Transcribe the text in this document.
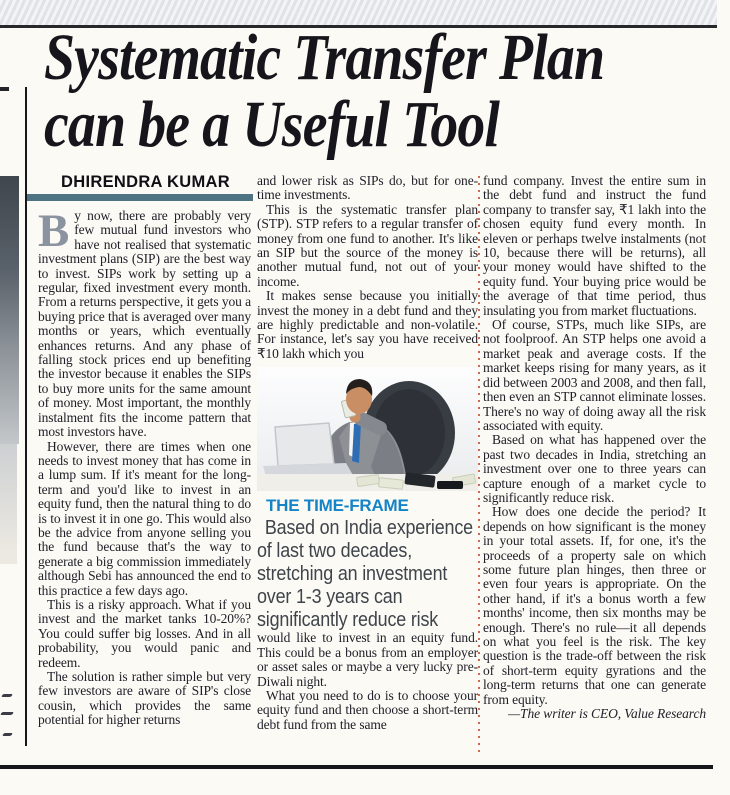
Systematic Transfer Plan
can be a Useful Tool
DHIRENDRA KUMAR

By now, there are probably very few mutual fund investors who have not realised that systematic investment plans (SIP) are the best way to invest. SIPs work by setting up a regular, fixed investment every month. From a returns perspective, it gets you a buying price that is averaged over many months or years, which eventually enhances returns. And any phase of falling stock prices end up benefiting the investor because it enables the SIPs to buy more units for the same amount of money. Most important, the monthly instalment fits the income pattern that most investors have.

However, there are times when one needs to invest money that has come in a lump sum. If it's meant for the long-term and you'd like to invest in an equity fund, then the natural thing to do is to invest it in one go. This would also be the advice from anyone selling you the fund because that's the way to generate a big commission immediately although Sebi has announced the end to this practice a few days ago.

This is a risky approach. What if you invest and the market tanks 10-20%? You could suffer big losses. And in all probability, you would panic and redeem.

The solution is rather simple but very few investors are aware of SIP's close cousin, which provides the same potential for higher returns

and lower risk as SIPs do, but for one-time investments.

This is the systematic transfer plan (STP). STP refers to a regular transfer of money from one fund to another. It's like an SIP but the source of the money is another mutual fund, not out of your income.

It makes sense because you initially invest the money in a debt fund and they are highly predictable and non-volatile. For instance, let's say you have received ₹10 lakh which you

THE TIME-FRAME

Based on India experience of last two decades, stretching an investment over 1-3 years can significantly reduce risk

would like to invest in an equity fund. This could be a bonus from an employer or asset sales or maybe a very lucky pre-Diwali night.

What you need to do is to choose your equity fund and then choose a short-term debt fund from the same

fund company. Invest the entire sum in the debt fund and instruct the fund company to transfer say, ₹1 lakh into the chosen equity fund every month. In eleven or perhaps twelve instalments (not 10, because there will be returns), all your money would have shifted to the equity fund. Your buying price would be the average of that time period, thus insulating you from market fluctuations.

Of course, STPs, much like SIPs, are not foolproof. An STP helps one avoid a market peak and average costs. If the market keeps rising for many years, as it did between 2003 and 2008, and then fall, then even an STP cannot eliminate losses. There's no way of doing away all the risk associated with equity.

Based on what has happened over the past two decades in India, stretching an investment over one to three years can capture enough of a market cycle to significantly reduce risk.

How does one decide the period? It depends on how significant is the money in your total assets. If, for one, it's the proceeds of a property sale on which some future plan hinges, then three or even four years is appropriate. On the other hand, if it's a bonus worth a few months' income, then six months may be enough. There's no rule—it all depends on what you feel is the risk. The key question is the trade-off between the risk of short-term equity gyrations and the long-term returns that one can generate from equity.

—The writer is CEO, Value Research
